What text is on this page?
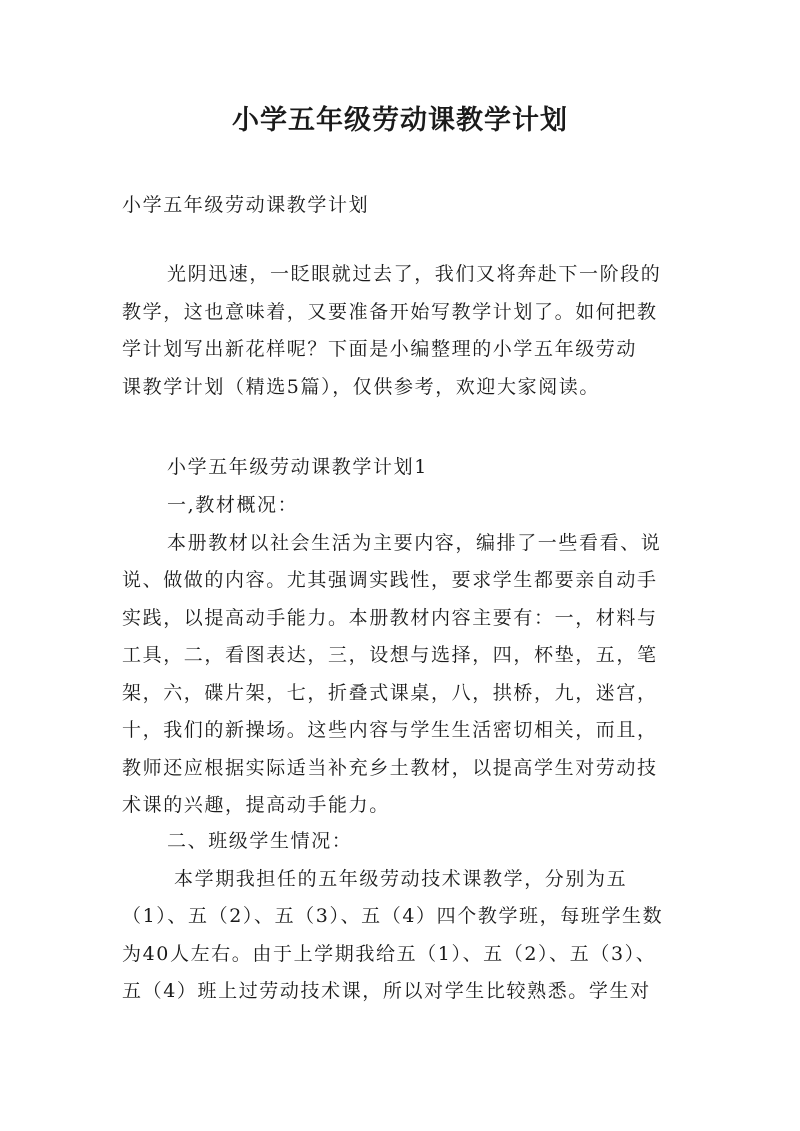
小学五年级劳动课教学计划
小学五年级劳动课教学计划
光阴迅速，一眨眼就过去了，我们又将奔赴下一阶段的
教学，这也意味着，又要准备开始写教学计划了。如何把教
学计划写出新花样呢？下面是小编整理的小学五年级劳动
课教学计划（精选5篇），仅供参考，欢迎大家阅读。
小学五年级劳动课教学计划1
一,教材概况：
本册教材以社会生活为主要内容，编排了一些看看、说
说、做做的内容。尤其强调实践性，要求学生都要亲自动手
实践，以提高动手能力。本册教材内容主要有：一，材料与
工具，二，看图表达，三，设想与选择，四，杯垫，五，笔
架，六，碟片架，七，折叠式课桌，八，拱桥，九，迷宫，
十，我们的新操场。这些内容与学生生活密切相关，而且，
教师还应根据实际适当补充乡土教材，以提高学生对劳动技
术课的兴趣，提高动手能力。
二、班级学生情况：
本学期我担任的五年级劳动技术课教学，分别为五
（1）、五（2）、五（3）、五（4）四个教学班，每班学生数
为40人左右。由于上学期我给五（1）、五（2）、五（3）、
五（4）班上过劳动技术课，所以对学生比较熟悉。学生对
